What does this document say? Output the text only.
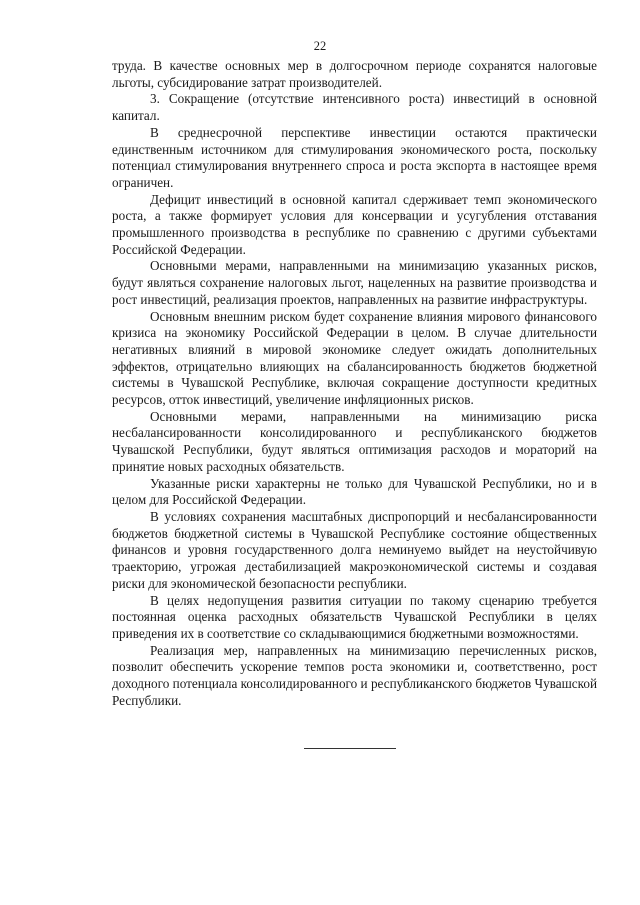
22

труда. В качестве основных мер в долгосрочном периоде сохранятся налоговые льготы, субсидирование затрат производителей.

3. Сокращение (отсутствие интенсивного роста) инвестиций в основной капитал.

В среднесрочной перспективе инвестиции остаются практически единственным источником для стимулирования экономического роста, поскольку потенциал стимулирования внутреннего спроса и роста экспорта в настоящее время ограничен.

Дефицит инвестиций в основной капитал сдерживает темп экономического роста, а также формирует условия для консервации и усугубления отставания промышленного производства в республике по сравнению с другими субъектами Российской Федерации.

Основными мерами, направленными на минимизацию указанных рисков, будут являться сохранение налоговых льгот, нацеленных на развитие производства и рост инвестиций, реализация проектов, направленных на развитие инфраструктуры.

Основным внешним риском будет сохранение влияния мирового финансового кризиса на экономику Российской Федерации в целом. В случае длительности негативных влияний в мировой экономике следует ожидать дополнительных эффектов, отрицательно влияющих на сбалансированность бюджетов бюджетной системы в Чувашской Республике, включая сокращение доступности кредитных ресурсов, отток инвестиций, увеличение инфляционных рисков.

Основными мерами, направленными на минимизацию риска несбалансированности консолидированного и республиканского бюджетов Чувашской Республики, будут являться оптимизация расходов и мораторий на принятие новых расходных обязательств.

Указанные риски характерны не только для Чувашской Республики, но и в целом для Российской Федерации.

В условиях сохранения масштабных диспропорций и несбалансированности бюджетов бюджетной системы в Чувашской Республике состояние общественных финансов и уровня государственного долга неминуемо выйдет на неустойчивую траекторию, угрожая дестабилизацией макроэкономической системы и создавая риски для экономической безопасности республики.

В целях недопущения развития ситуации по такому сценарию требуется постоянная оценка расходных обязательств Чувашской Республики в целях приведения их в соответствие со складывающимися бюджетными возможностями.

Реализация мер, направленных на минимизацию перечисленных рисков, позволит обеспечить ускорение темпов роста экономики и, соответственно, рост доходного потенциала консолидированного и республиканского бюджетов Чувашской Республики.
